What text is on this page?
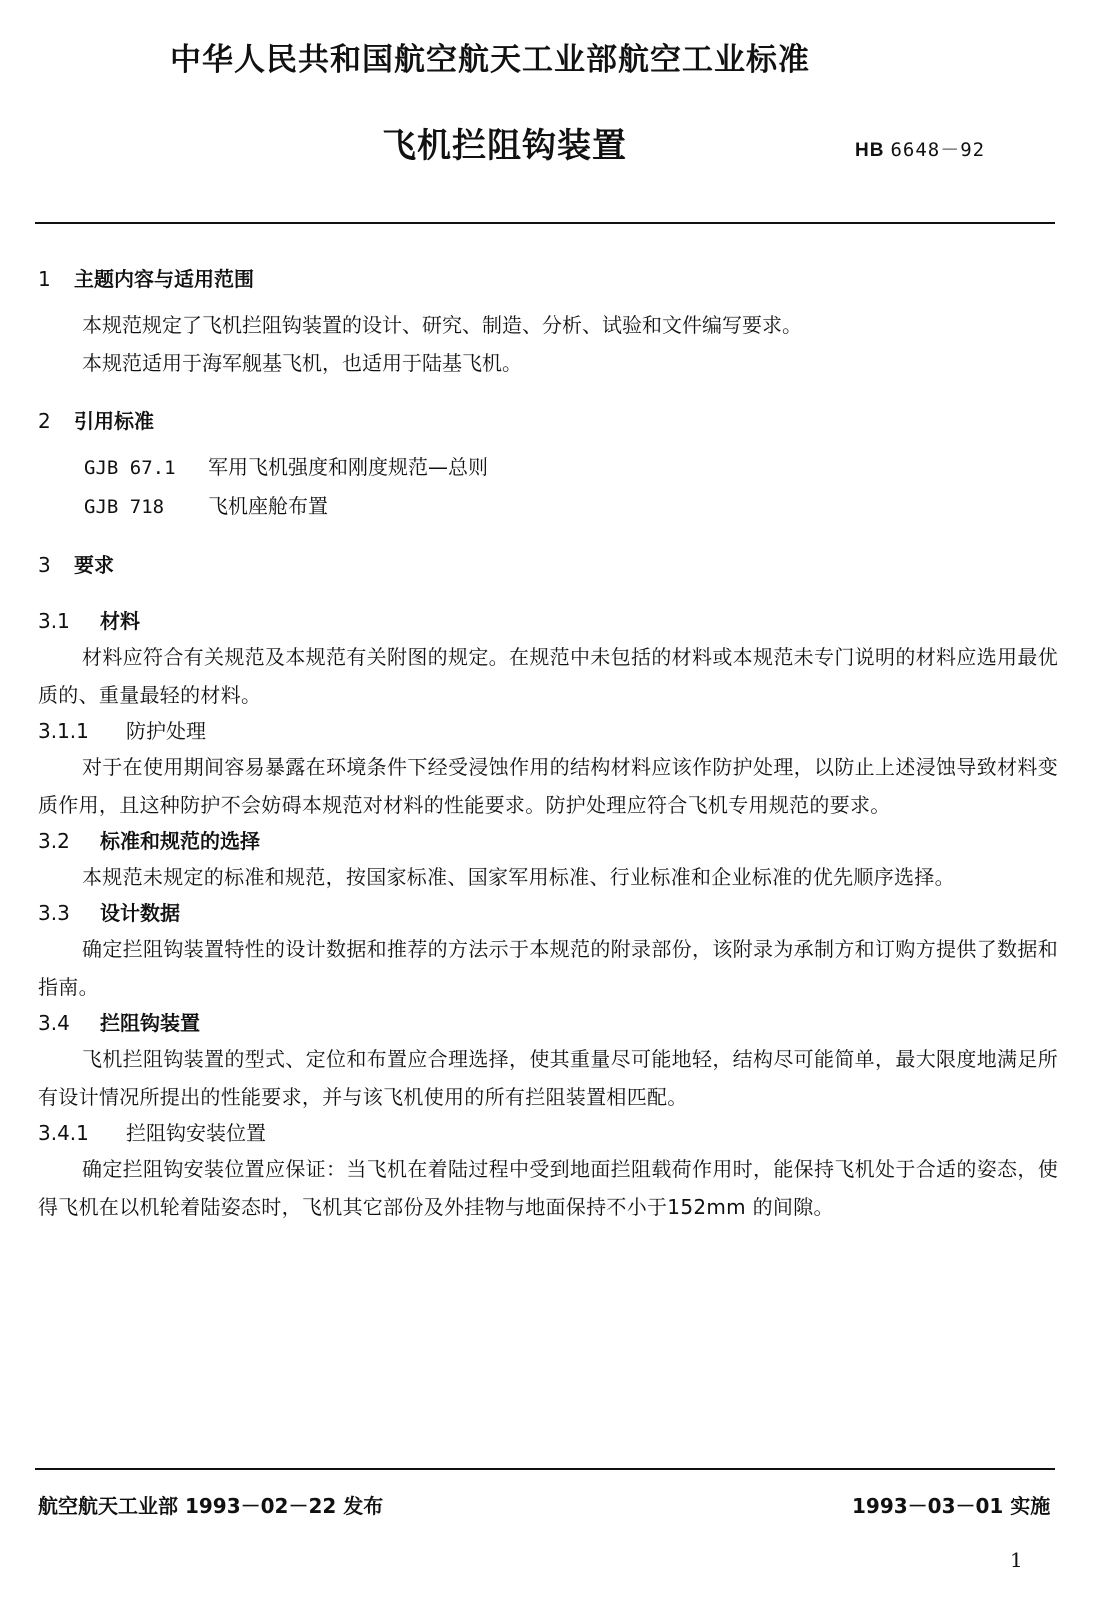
中华人民共和国航空航天工业部航空工业标准
飞机拦阻钩装置	HB 6648－92
1 主题内容与适用范围
本规范规定了飞机拦阻钩装置的设计、研究、制造、分析、试验和文件编写要求。
本规范适用于海军舰基飞机，也适用于陆基飞机。
2 引用标准
GJB 67.1 军用飞机强度和刚度规范—总则
GJB 718 飞机座舱布置
3 要求
3.1 材料
材料应符合有关规范及本规范有关附图的规定。在规范中未包括的材料或本规范未专门说明的材料应选用最优质的、重量最轻的材料。
3.1.1 防护处理
对于在使用期间容易暴露在环境条件下经受浸蚀作用的结构材料应该作防护处理，以防止上述浸蚀导致材料变质作用，且这种防护不会妨碍本规范对材料的性能要求。防护处理应符合飞机专用规范的要求。
3.2 标准和规范的选择
本规范未规定的标准和规范，按国家标准、国家军用标准、行业标准和企业标准的优先顺序选择。
3.3 设计数据
确定拦阻钩装置特性的设计数据和推荐的方法示于本规范的附录部份，该附录为承制方和订购方提供了数据和指南。
3.4 拦阻钩装置
飞机拦阻钩装置的型式、定位和布置应合理选择，使其重量尽可能地轻，结构尽可能简单，最大限度地满足所有设计情况所提出的性能要求，并与该飞机使用的所有拦阻装置相匹配。
3.4.1 拦阻钩安装位置
确定拦阻钩安装位置应保证：当飞机在着陆过程中受到地面拦阻载荷作用时，能保持飞机处于合适的姿态，使得飞机在以机轮着陆姿态时，飞机其它部份及外挂物与地面保持不小于152mm 的间隙。
航空航天工业部 1993－02－22 发布	1993－03－01 实施
1
